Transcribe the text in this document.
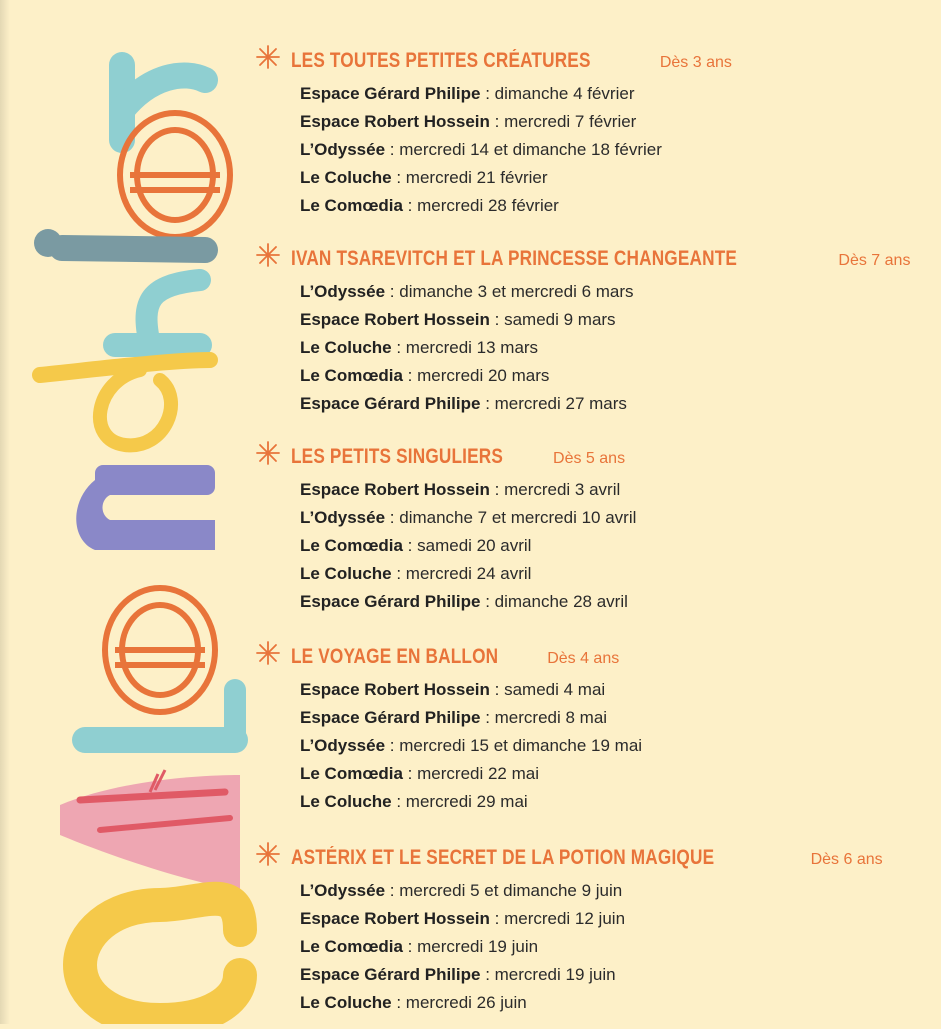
LES TOUTES PETITES CRÉATURES	Dès 3 ans
Espace Gérard Philipe : dimanche 4 février
Espace Robert Hossein : mercredi 7 février
L’Odyssée : mercredi 14 et dimanche 18 février
Le Coluche : mercredi 21 février
Le Comœdia : mercredi 28 février
IVAN TSAREVITCH ET LA PRINCESSE CHANGEANTE	Dès 7 ans
L’Odyssée : dimanche 3 et mercredi 6 mars
Espace Robert Hossein : samedi 9 mars
Le Coluche : mercredi 13 mars
Le Comœdia : mercredi 20 mars
Espace Gérard Philipe : mercredi 27 mars
LES PETITS SINGULIERS	Dès 5 ans
Espace Robert Hossein : mercredi 3 avril
L’Odyssée : dimanche 7 et mercredi 10 avril
Le Comœdia : samedi 20 avril
Le Coluche : mercredi 24 avril
Espace Gérard Philipe : dimanche 28 avril
LE VOYAGE EN BALLON	Dès 4 ans
Espace Robert Hossein : samedi 4 mai
Espace Gérard Philipe : mercredi 8 mai
L’Odyssée : mercredi 15 et dimanche 19 mai
Le Comœdia : mercredi 22 mai
Le Coluche : mercredi 29 mai
ASTÉRIX ET LE SECRET DE LA POTION MAGIQUE	Dès 6 ans
L’Odyssée : mercredi 5 et dimanche 9 juin
Espace Robert Hossein : mercredi 12 juin
Le Comœdia : mercredi 19 juin
Espace Gérard Philipe : mercredi 19 juin
Le Coluche : mercredi 26 juin
